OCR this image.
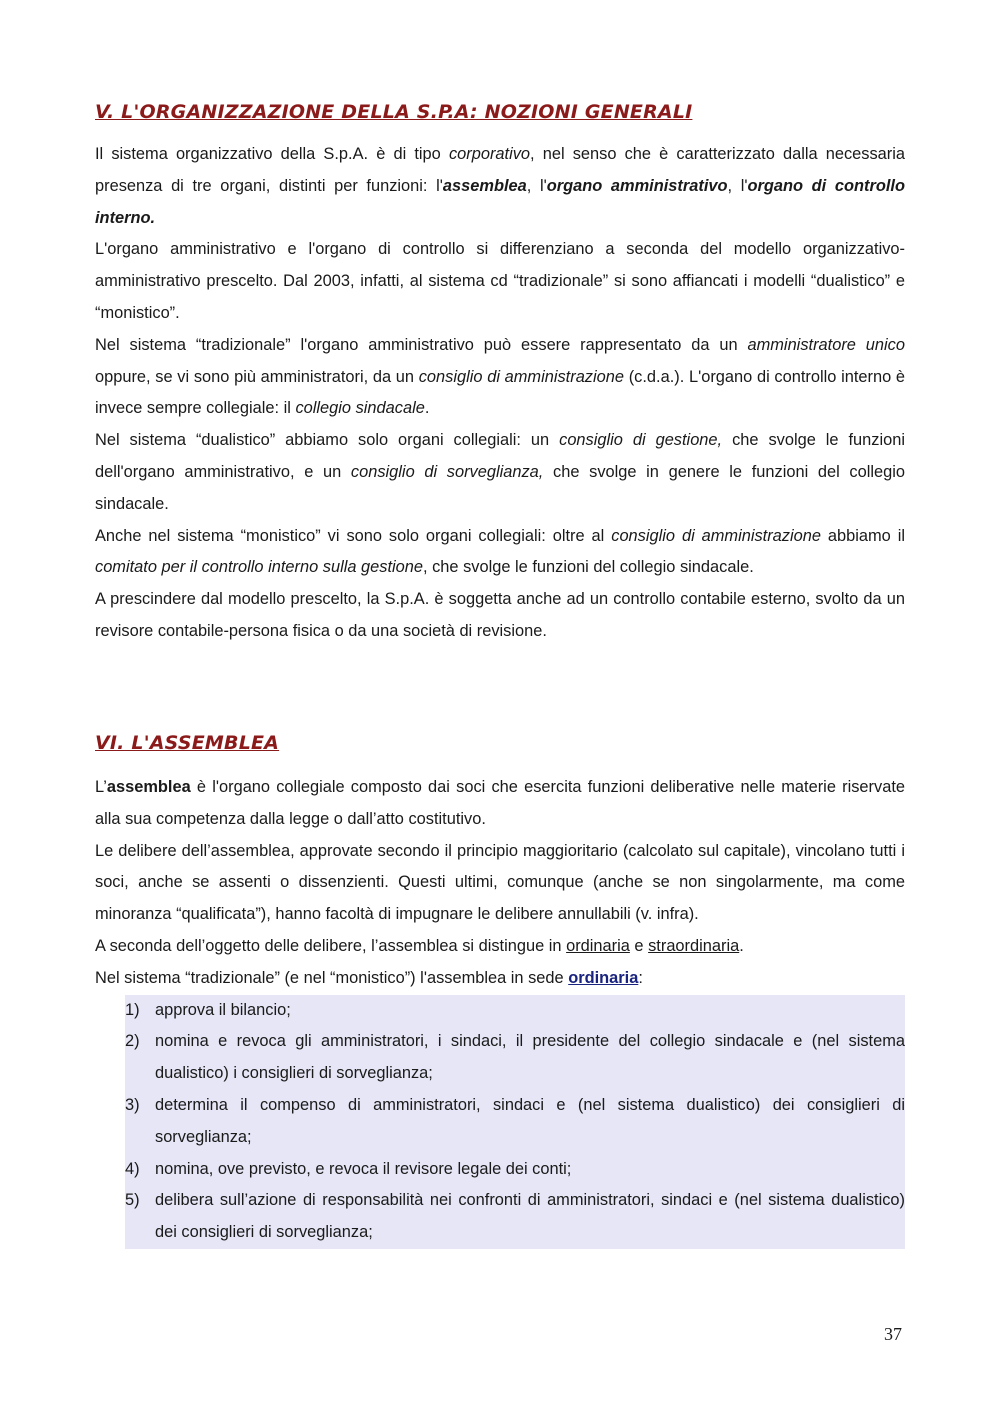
V. L'ORGANIZZAZIONE DELLA S.P.A: NOZIONI GENERALI

Il sistema organizzativo della S.p.A. è di tipo corporativo, nel senso che è caratterizzato dalla necessaria presenza di tre organi, distinti per funzioni: l'assemblea, l'organo amministrativo, l'organo di controllo interno.

L'organo amministrativo e l'organo di controllo si differenziano a seconda del modello organizzativo-amministrativo prescelto. Dal 2003, infatti, al sistema cd “tradizionale” si sono affiancati i modelli “dualistico” e “monistico”.

Nel sistema “tradizionale” l'organo amministrativo può essere rappresentato da un amministratore unico oppure, se vi sono più amministratori, da un consiglio di amministrazione (c.d.a.). L'organo di controllo interno è invece sempre collegiale: il collegio sindacale.

Nel sistema “dualistico” abbiamo solo organi collegiali: un consiglio di gestione, che svolge le funzioni dell'organo amministrativo, e un consiglio di sorveglianza, che svolge in genere le funzioni del collegio sindacale.

Anche nel sistema “monistico” vi sono solo organi collegiali: oltre al consiglio di amministrazione abbiamo il comitato per il controllo interno sulla gestione, che svolge le funzioni del collegio sindacale.

A prescindere dal modello prescelto, la S.p.A. è soggetta anche ad un controllo contabile esterno, svolto da un revisore contabile-persona fisica o da una società di revisione.

VI. L'ASSEMBLEA

L’assemblea è l'organo collegiale composto dai soci che esercita funzioni deliberative nelle materie riservate alla sua competenza dalla legge o dall’atto costitutivo.

Le delibere dell’assemblea, approvate secondo il principio maggioritario (calcolato sul capitale), vincolano tutti i soci, anche se assenti o dissenzienti. Questi ultimi, comunque (anche se non singolarmente, ma come minoranza “qualificata”), hanno facoltà di impugnare le delibere annullabili (v. infra).

A seconda dell’oggetto delle delibere, l’assemblea si distingue in ordinaria e straordinaria.

Nel sistema “tradizionale” (e nel “monistico”) l'assemblea in sede ordinaria:

1) approva il bilancio;
2) nomina e revoca gli amministratori, i sindaci, il presidente del collegio sindacale e (nel sistema dualistico) i consiglieri di sorveglianza;
3) determina il compenso di amministratori, sindaci e (nel sistema dualistico) dei consiglieri di sorveglianza;
4) nomina, ove previsto, e revoca il revisore legale dei conti;
5) delibera sull’azione di responsabilità nei confronti di amministratori, sindaci e (nel sistema dualistico) dei consiglieri di sorveglianza;
37
